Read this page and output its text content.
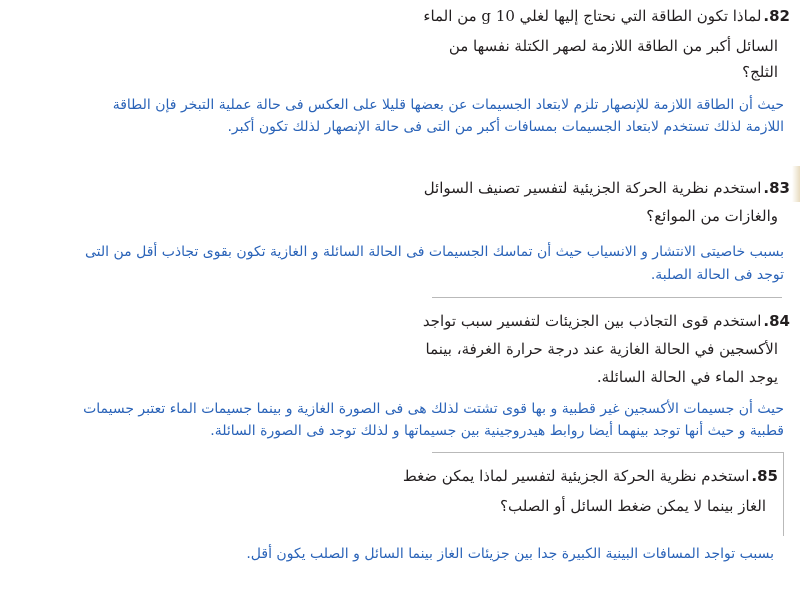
82.لماذا تكون الطاقة التي نحتاج إليها لغلي 10 g من الماء
السائل أكبر من الطاقة اللازمة لصهر الكتلة نفسها من
الثلج؟
حيث أن الطاقة اللازمة للإنصهار تلزم لابتعاد الجسيمات عن بعضها قليلا على العكس فى حالة عملية التبخر فإن الطاقة
اللازمة لذلك تستخدم لابتعاد الجسيمات بمسافات أكبر من التى فى حالة الإنصهار لذلك تكون أكبر.
83.استخدم نظرية الحركة الجزيئية لتفسير تصنيف السوائل
والغازات من الموائع؟
بسبب خاصيتى الانتشار و الانسياب حيث أن تماسك الجسيمات فى الحالة السائلة و الغازية تكون بقوى تجاذب أقل من التى
توجد فى الحالة الصلبة.
84.استخدم قوى التجاذب بين الجزيئات لتفسير سبب تواجد
الأكسجين في الحالة الغازية عند درجة حرارة الغرفة، بينما
يوجد الماء في الحالة السائلة.
حيث أن جسيمات الأكسجين غير قطبية و بها قوى تشتت لذلك هى فى الصورة الغازية و بينما جسيمات الماء تعتبر جسيمات
قطبية و حيث أنها توجد بينهما أيضا روابط هيدروجينية بين جسيماتها و لذلك توجد فى الصورة السائلة.
85.استخدم نظرية الحركة الجزيئية لتفسير لماذا يمكن ضغط
الغاز بينما لا يمكن ضغط السائل أو الصلب؟
بسبب تواجد المسافات البينية الكبيرة جدا بين جزيئات الغاز بينما السائل و الصلب يكون أقل.
